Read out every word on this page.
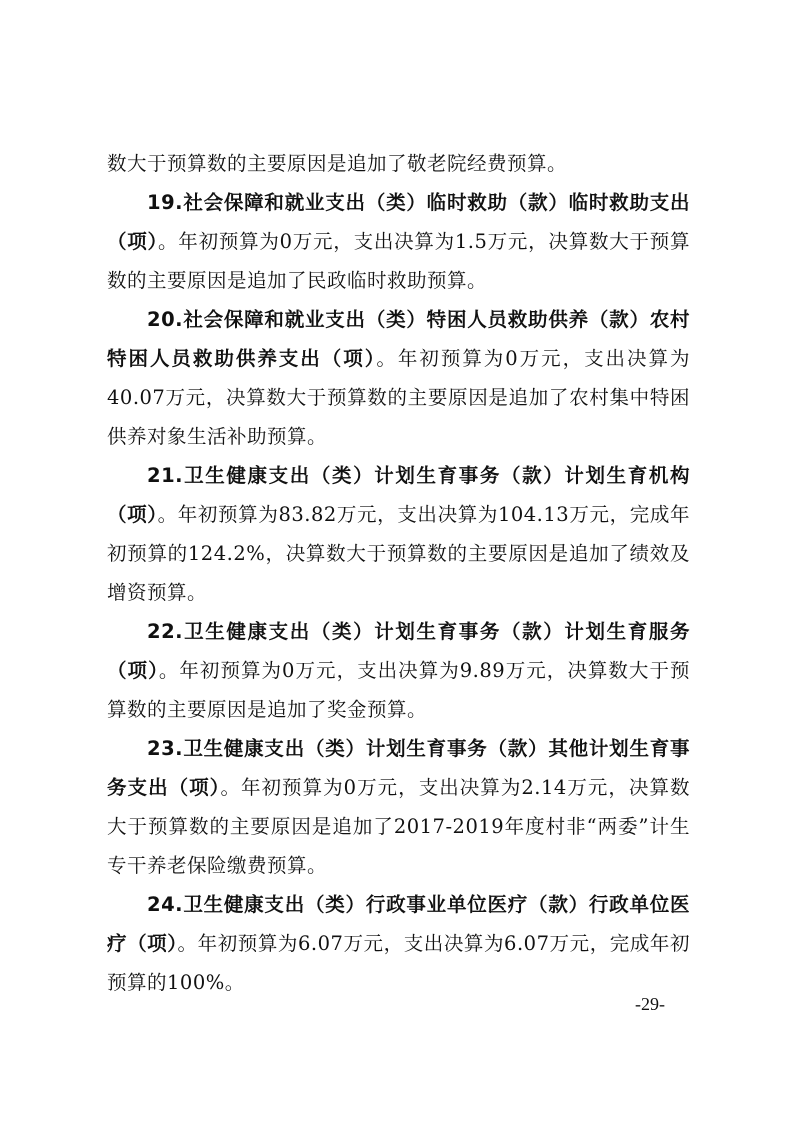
数大于预算数的主要原因是追加了敬老院经费预算。

19.社会保障和就业支出（类）临时救助（款）临时救助支出（项）。年初预算为0万元，支出决算为1.5万元，决算数大于预算数的主要原因是追加了民政临时救助预算。

20.社会保障和就业支出（类）特困人员救助供养（款）农村特困人员救助供养支出（项）。年初预算为0万元，支出决算为40.07万元，决算数大于预算数的主要原因是追加了农村集中特困供养对象生活补助预算。

21.卫生健康支出（类）计划生育事务（款）计划生育机构（项）。年初预算为83.82万元，支出决算为104.13万元，完成年初预算的124.2%，决算数大于预算数的主要原因是追加了绩效及增资预算。

22.卫生健康支出（类）计划生育事务（款）计划生育服务（项）。年初预算为0万元，支出决算为9.89万元，决算数大于预算数的主要原因是追加了奖金预算。

23.卫生健康支出（类）计划生育事务（款）其他计划生育事务支出（项）。年初预算为0万元，支出决算为2.14万元，决算数大于预算数的主要原因是追加了2017-2019年度村非“两委”计生专干养老保险缴费预算。

24.卫生健康支出（类）行政事业单位医疗（款）行政单位医疗（项）。年初预算为6.07万元，支出决算为6.07万元，完成年初预算的100%。

-29-
